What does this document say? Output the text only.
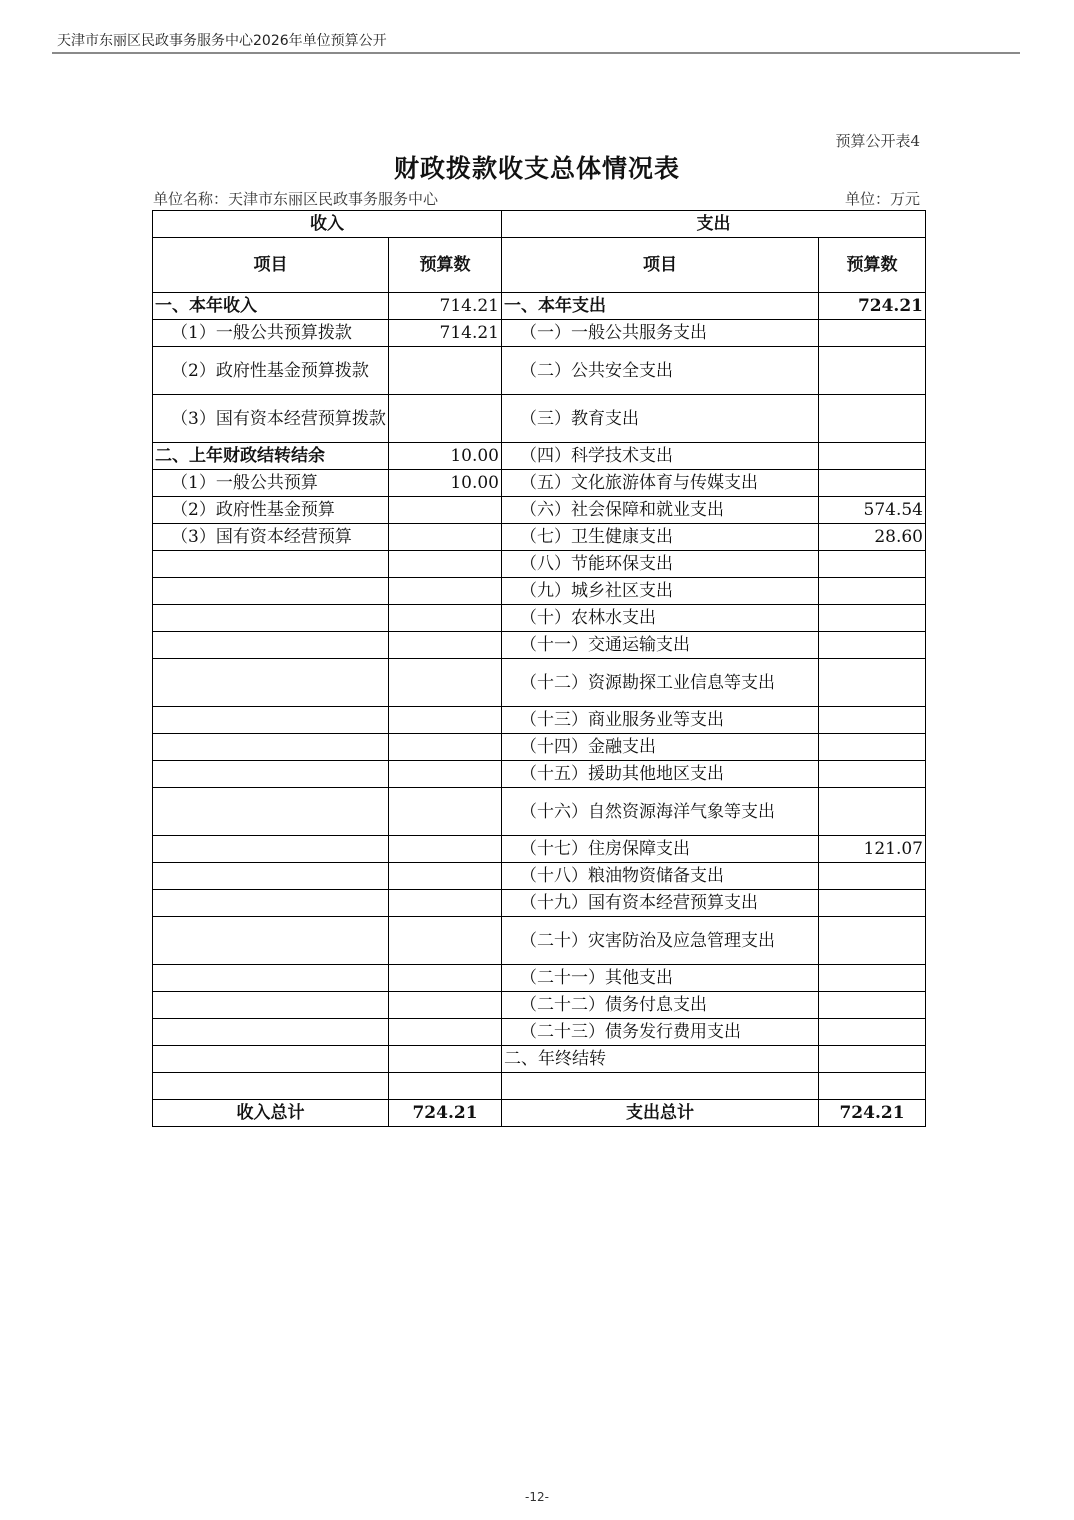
天津市东丽区民政事务服务中心2026年单位预算公开
预算公开表4
财政拨款收支总体情况表
单位名称：天津市东丽区民政事务服务中心	单位：万元
收入		支出	
项目	预算数	项目	预算数
一、本年收入	714.21	一、本年支出	724.21
（1）一般公共预算拨款	714.21	（一）一般公共服务支出	
（2）政府性基金预算拨款		（二）公共安全支出	
（3）国有资本经营预算拨款		（三）教育支出	
二、上年财政结转结余	10.00	（四）科学技术支出	
（1）一般公共预算	10.00	（五）文化旅游体育与传媒支出	
（2）政府性基金预算		（六）社会保障和就业支出	574.54
（3）国有资本经营预算		（七）卫生健康支出	28.60
		（八）节能环保支出	
		（九）城乡社区支出	
		（十）农林水支出	
		（十一）交通运输支出	
		（十二）资源勘探工业信息等支出	
		（十三）商业服务业等支出	
		（十四）金融支出	
		（十五）援助其他地区支出	
		（十六）自然资源海洋气象等支出	
		（十七）住房保障支出	121.07
		（十八）粮油物资储备支出	
		（十九）国有资本经营预算支出	
		（二十）灾害防治及应急管理支出	
		（二十一）其他支出	
		（二十二）债务付息支出	
		（二十三）债务发行费用支出	
		二、年终结转	

收入总计	724.21	支出总计	724.21
-12-
